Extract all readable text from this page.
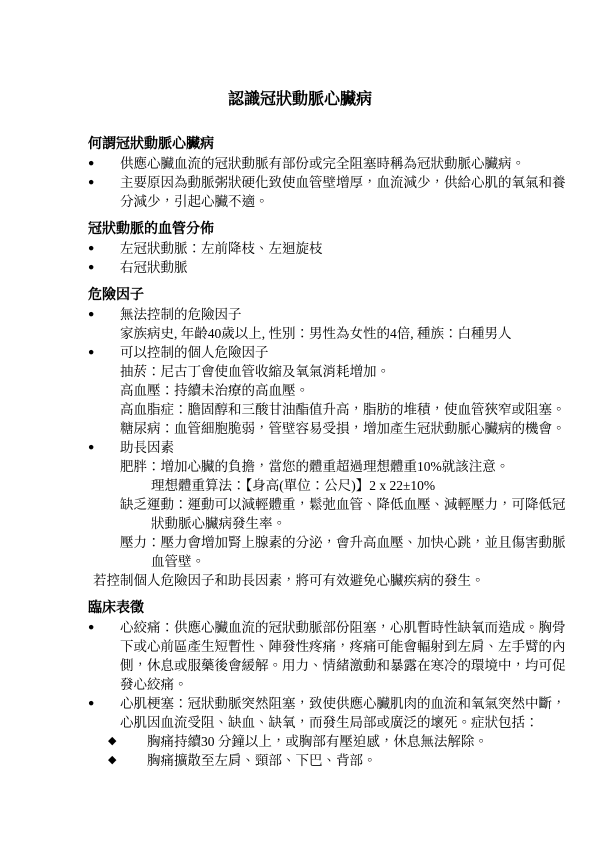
認識冠狀動脈心臟病
何謂冠狀動脈心臟病
●	供應心臟血流的冠狀動脈有部份或完全阻塞時稱為冠狀動脈心臟病。
●	主要原因為動脈粥狀硬化致使血管壁增厚，血流減少，供給心肌的氧氣和養分減少，引起心臟不適。
冠狀動脈的血管分佈
●	左冠狀動脈：左前降枝、左迴旋枝
●	右冠狀動脈
危險因子
●	無法控制的危險因子
家族病史, 年齡40歲以上, 性別：男性為女性的4倍, 種族：白種男人
●	可以控制的個人危險因子
抽菸：尼古丁會使血管收縮及氧氣消耗增加。
高血壓：持續未治療的高血壓。
高血脂症：膽固醇和三酸甘油酯值升高，脂肪的堆積，使血管狹窄或阻塞。
糖尿病：血管細胞脆弱，管壁容易受損，增加產生冠狀動脈心臟病的機會。
●	助長因素
肥胖：增加心臟的負擔，當您的體重超過理想體重10%就該注意。
理想體重算法：【身高(單位：公尺)】2 x 22±10%
缺乏運動：運動可以減輕體重，鬆弛血管、降低血壓、減輕壓力，可降低冠狀動脈心臟病發生率。
壓力：壓力會增加腎上腺素的分泌，會升高血壓、加快心跳，並且傷害動脈血管壁。
若控制個人危險因子和助長因素，將可有效避免心臟疾病的發生。
臨床表徵
●	心絞痛：供應心臟血流的冠狀動脈部份阻塞，心肌暫時性缺氧而造成。胸骨下或心前區產生短暫性、陣發性疼痛，疼痛可能會輻射到左肩、左手臂的內側，休息或服藥後會緩解。用力、情緒激動和暴露在寒冷的環境中，均可促發心絞痛。
●	心肌梗塞：冠狀動脈突然阻塞，致使供應心臟肌肉的血流和氧氣突然中斷，心肌因血流受阻、缺血、缺氧，而發生局部或廣泛的壞死。症狀包括：
◆	胸痛持續30 分鐘以上，或胸部有壓迫感，休息無法解除。
◆	胸痛擴散至左肩、頸部、下巴、背部。
